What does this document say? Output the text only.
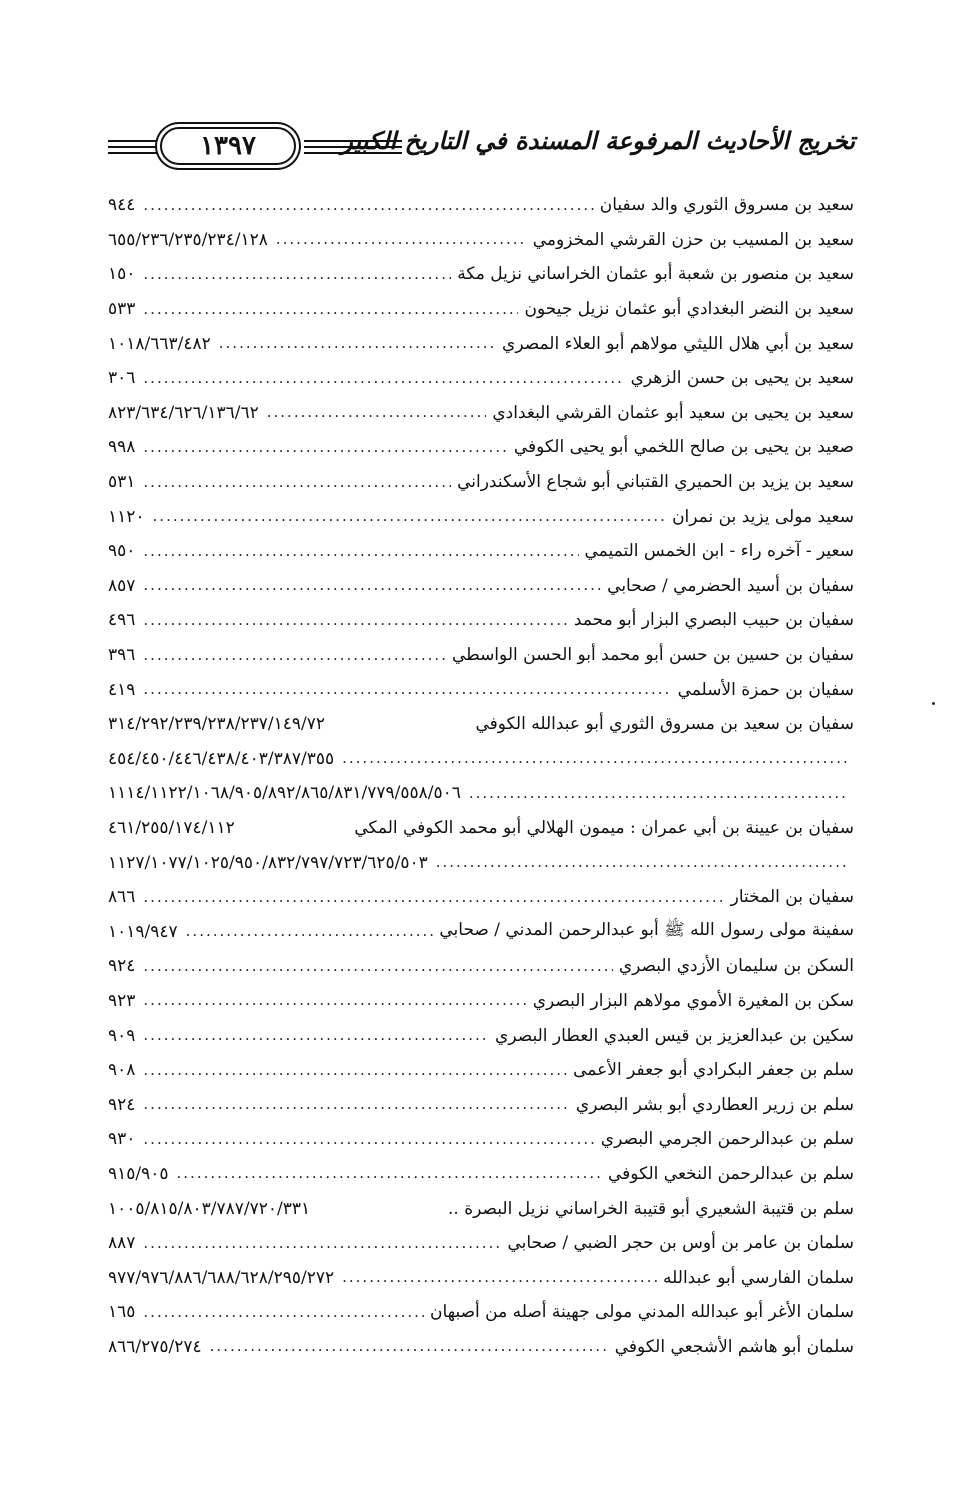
١٣٩٧	تخريج الأحاديث المرفوعة المسندة في التاريخ الكبير
سعيد بن مسروق الثوري والد سفيان
.....
٩٤٤
سعيد بن المسيب بن حزن القرشي المخزومي
.....
٦٥٥/٢٣٦/٢٣٥/٢٣٤/١٢٨
سعيد بن منصور بن شعبة أبو عثمان الخراساني نزيل مكة
.....
١٥٠
سعيد بن النضر البغدادي أبو عثمان نزيل جيحون
.....
٥٣٣
سعيد بن أبي هلال الليثي مولاهم أبو العلاء المصري
.....
١٠١٨/٦٦٣/٤٨٢
سعيد بن يحيى بن حسن الزهري
.....
٣٠٦
سعيد بن يحيى بن سعيد أبو عثمان القرشي البغدادي
.....
٨٢٣/٦٣٤/٦٢٦/١٣٦/٦٢
صعيد بن يحيى بن صالح اللخمي أبو يحيى الكوفي
.....
٩٩٨
سعيد بن يزيد بن الحميري القتباني أبو شجاع الأسكندراني
.....
٥٣١
سعيد مولى يزيد بن نمران
.....
١١٢٠
سعير - آخره راء - ابن الخمس التميمي
.....
٩٥٠
سفيان بن أسيد الحضرمي / صحابي
.....
٨٥٧
سفيان بن حبيب البصري البزار أبو محمد
.....
٤٩٦
سفيان بن حسين بن حسن أبو محمد أبو الحسن الواسطي
.....
٣٩٦
سفيان بن حمزة الأسلمي
.....
٤١٩
سفيان بن سعيد بن مسروق الثوري أبو عبدالله الكوفي
٣١٤/٢٩٢/٢٣٩/٢٣٨/٢٣٧/١٤٩/٧٢
.....
٤٥٤/٤٥٠/٤٤٦/٤٣٨/٤٠٣/٣٨٧/٣٥٥
.....
١١١٤/١١٢٢/١٠٦٨/٩٠٥/٨٩٢/٨٦٥/٨٣١/٧٧٩/٥٥٨/٥٠٦
سفيان بن عيينة بن أبي عمران : ميمون الهلالي أبو محمد الكوفي المكي
٤٦١/٢٥٥/١٧٤/١١٢
.....
١١٢٧/١٠٧٧/١٠٢٥/٩٥٠/٨٣٢/٧٩٧/٧٢٣/٦٢٥/٥٠٣
سفيان بن المختار
.....
٨٦٦
سفينة مولى رسول الله ﷺ أبو عبدالرحمن المدني / صحابي
.....
١٠١٩/٩٤٧
السكن بن سليمان الأزدي البصري
.....
٩٢٤
سكن بن المغيرة الأموي مولاهم البزار البصري
.....
٩٢٣
سكين بن عبدالعزيز بن قيس العبدي العطار البصري
.....
٩٠٩
سلم بن جعفر البكرادي أبو جعفر الأعمى
.....
٩٠٨
سلم بن زرير العطاردي أبو بشر البصري
.....
٩٢٤
سلم بن عبدالرحمن الجرمي البصري
.....
٩٣٠
سلم بن عبدالرحمن النخعي الكوفي
.....
٩١٥/٩٠٥
سلم بن قتيبة الشعيري أبو قتيبة الخراساني نزيل البصرة ..
١٠٠٥/٨١٥/٨٠٣/٧٨٧/٧٢٠/٣٣١
سلمان بن عامر بن أوس بن حجر الضبي / صحابي
.....
٨٨٧
سلمان الفارسي أبو عبدالله
.....
٩٧٧/٩٧٦/٨٨٦/٦٨٨/٦٢٨/٢٩٥/٢٧٢
سلمان الأغر أبو عبدالله المدني مولى جهينة أصله من أصبهان
.....
١٦٥
سلمان أبو هاشم الأشجعي الكوفي
.....
٨٦٦/٢٧٥/٢٧٤
